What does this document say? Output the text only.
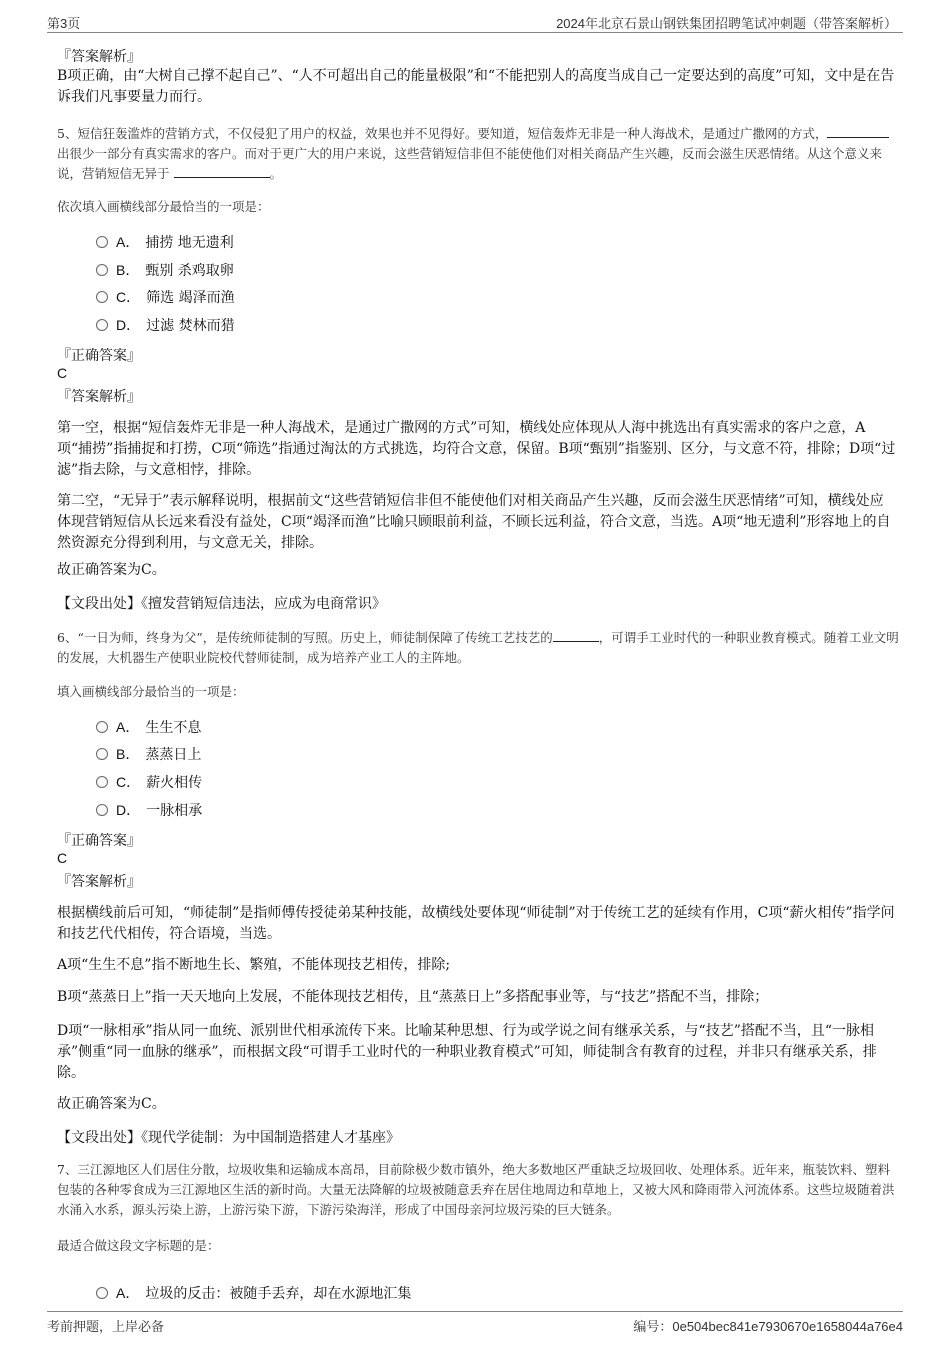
第3页	2024年北京石景山钢铁集团招聘笔试冲刺题（带答案解析）
『答案解析』
B项正确，由“大树自己撑不起自己”、“人不可超出自己的能量极限”和“不能把别人的高度当成自己一定要达到的高度”可知，文中是在告诉我们凡事要量力而行。
5、短信狂轰滥炸的营销方式，不仅侵犯了用户的权益，效果也并不见得好。要知道，短信轰炸无非是一种人海战术，是通过广撒网的方式，出很少一部分有真实需求的客户。而对于更广大的用户来说，这些营销短信非但不能使他们对相关商品产生兴趣，反而会滋生厌恶情绪。从这个意义来说，营销短信无异于	。
依次填入画横线部分最恰当的一项是：
A． 捕捞 地无遗利
B． 甄别 杀鸡取卵
C． 筛选 竭泽而渔
D． 过滤 焚林而猎
『正确答案』
C
『答案解析』
第一空，根据“短信轰炸无非是一种人海战术，是通过广撒网的方式”可知，横线处应体现从人海中挑选出有真实需求的客户之意，A项“捕捞”指捕捉和打捞，C项“筛选”指通过淘汰的方式挑选，均符合文意，保留。B项“甄别”指鉴别、区分，与文意不符，排除；D项“过滤”指去除，与文意相悖，排除。
第二空，“无异于”表示解释说明，根据前文“这些营销短信非但不能使他们对相关商品产生兴趣，反而会滋生厌恶情绪”可知，横线处应体现营销短信从长远来看没有益处，C项“竭泽而渔”比喻只顾眼前利益，不顾长远利益，符合文意，当选。A项“地无遗利”形容地上的自然资源充分得到利用，与文意无关，排除。
故正确答案为C。
【文段出处】《擅发营销短信违法，应成为电商常识》
6、“一日为师，终身为父”，是传统师徒制的写照。历史上，师徒制保障了传统工艺技艺的	，可谓手工业时代的一种职业教育模式。随着工业文明的发展，大机器生产使职业院校代替师徒制，成为培养产业工人的主阵地。
填入画横线部分最恰当的一项是：
A． 生生不息
B． 蒸蒸日上
C． 薪火相传
D． 一脉相承
『正确答案』
C
『答案解析』
根据横线前后可知，“师徒制”是指师傅传授徒弟某种技能，故横线处要体现“师徒制”对于传统工艺的延续有作用，C项“薪火相传”指学问和技艺代代相传，符合语境，当选。
A项“生生不息”指不断地生长、繁殖，不能体现技艺相传，排除;
B项“蒸蒸日上”指一天天地向上发展，不能体现技艺相传，且“蒸蒸日上”多搭配事业等，与“技艺”搭配不当，排除；
D项“一脉相承”指从同一血统、派别世代相承流传下来。比喻某种思想、行为或学说之间有继承关系，与“技艺”搭配不当，且“一脉相承”侧重“同一血脉的继承”，而根据文段“可谓手工业时代的一种职业教育模式”可知，师徒制含有教育的过程，并非只有继承关系，排除。
故正确答案为C。
【文段出处】《现代学徒制：为中国制造搭建人才基座》
7、三江源地区人们居住分散，垃圾收集和运输成本高昂，目前除极少数市镇外，绝大多数地区严重缺乏垃圾回收、处理体系。近年来，瓶装饮料、塑料包装的各种零食成为三江源地区生活的新时尚。大量无法降解的垃圾被随意丢弃在居住地周边和草地上，又被大风和降雨带入河流体系。这些垃圾随着洪水涌入水系，源头污染上游，上游污染下游，下游污染海洋，形成了中国母亲河垃圾污染的巨大链条。
最适合做这段文字标题的是：
A． 垃圾的反击：被随手丢弃，却在水源地汇集
考前押题，上岸必备	编号：0e504bec841e7930670e1658044a76e4
